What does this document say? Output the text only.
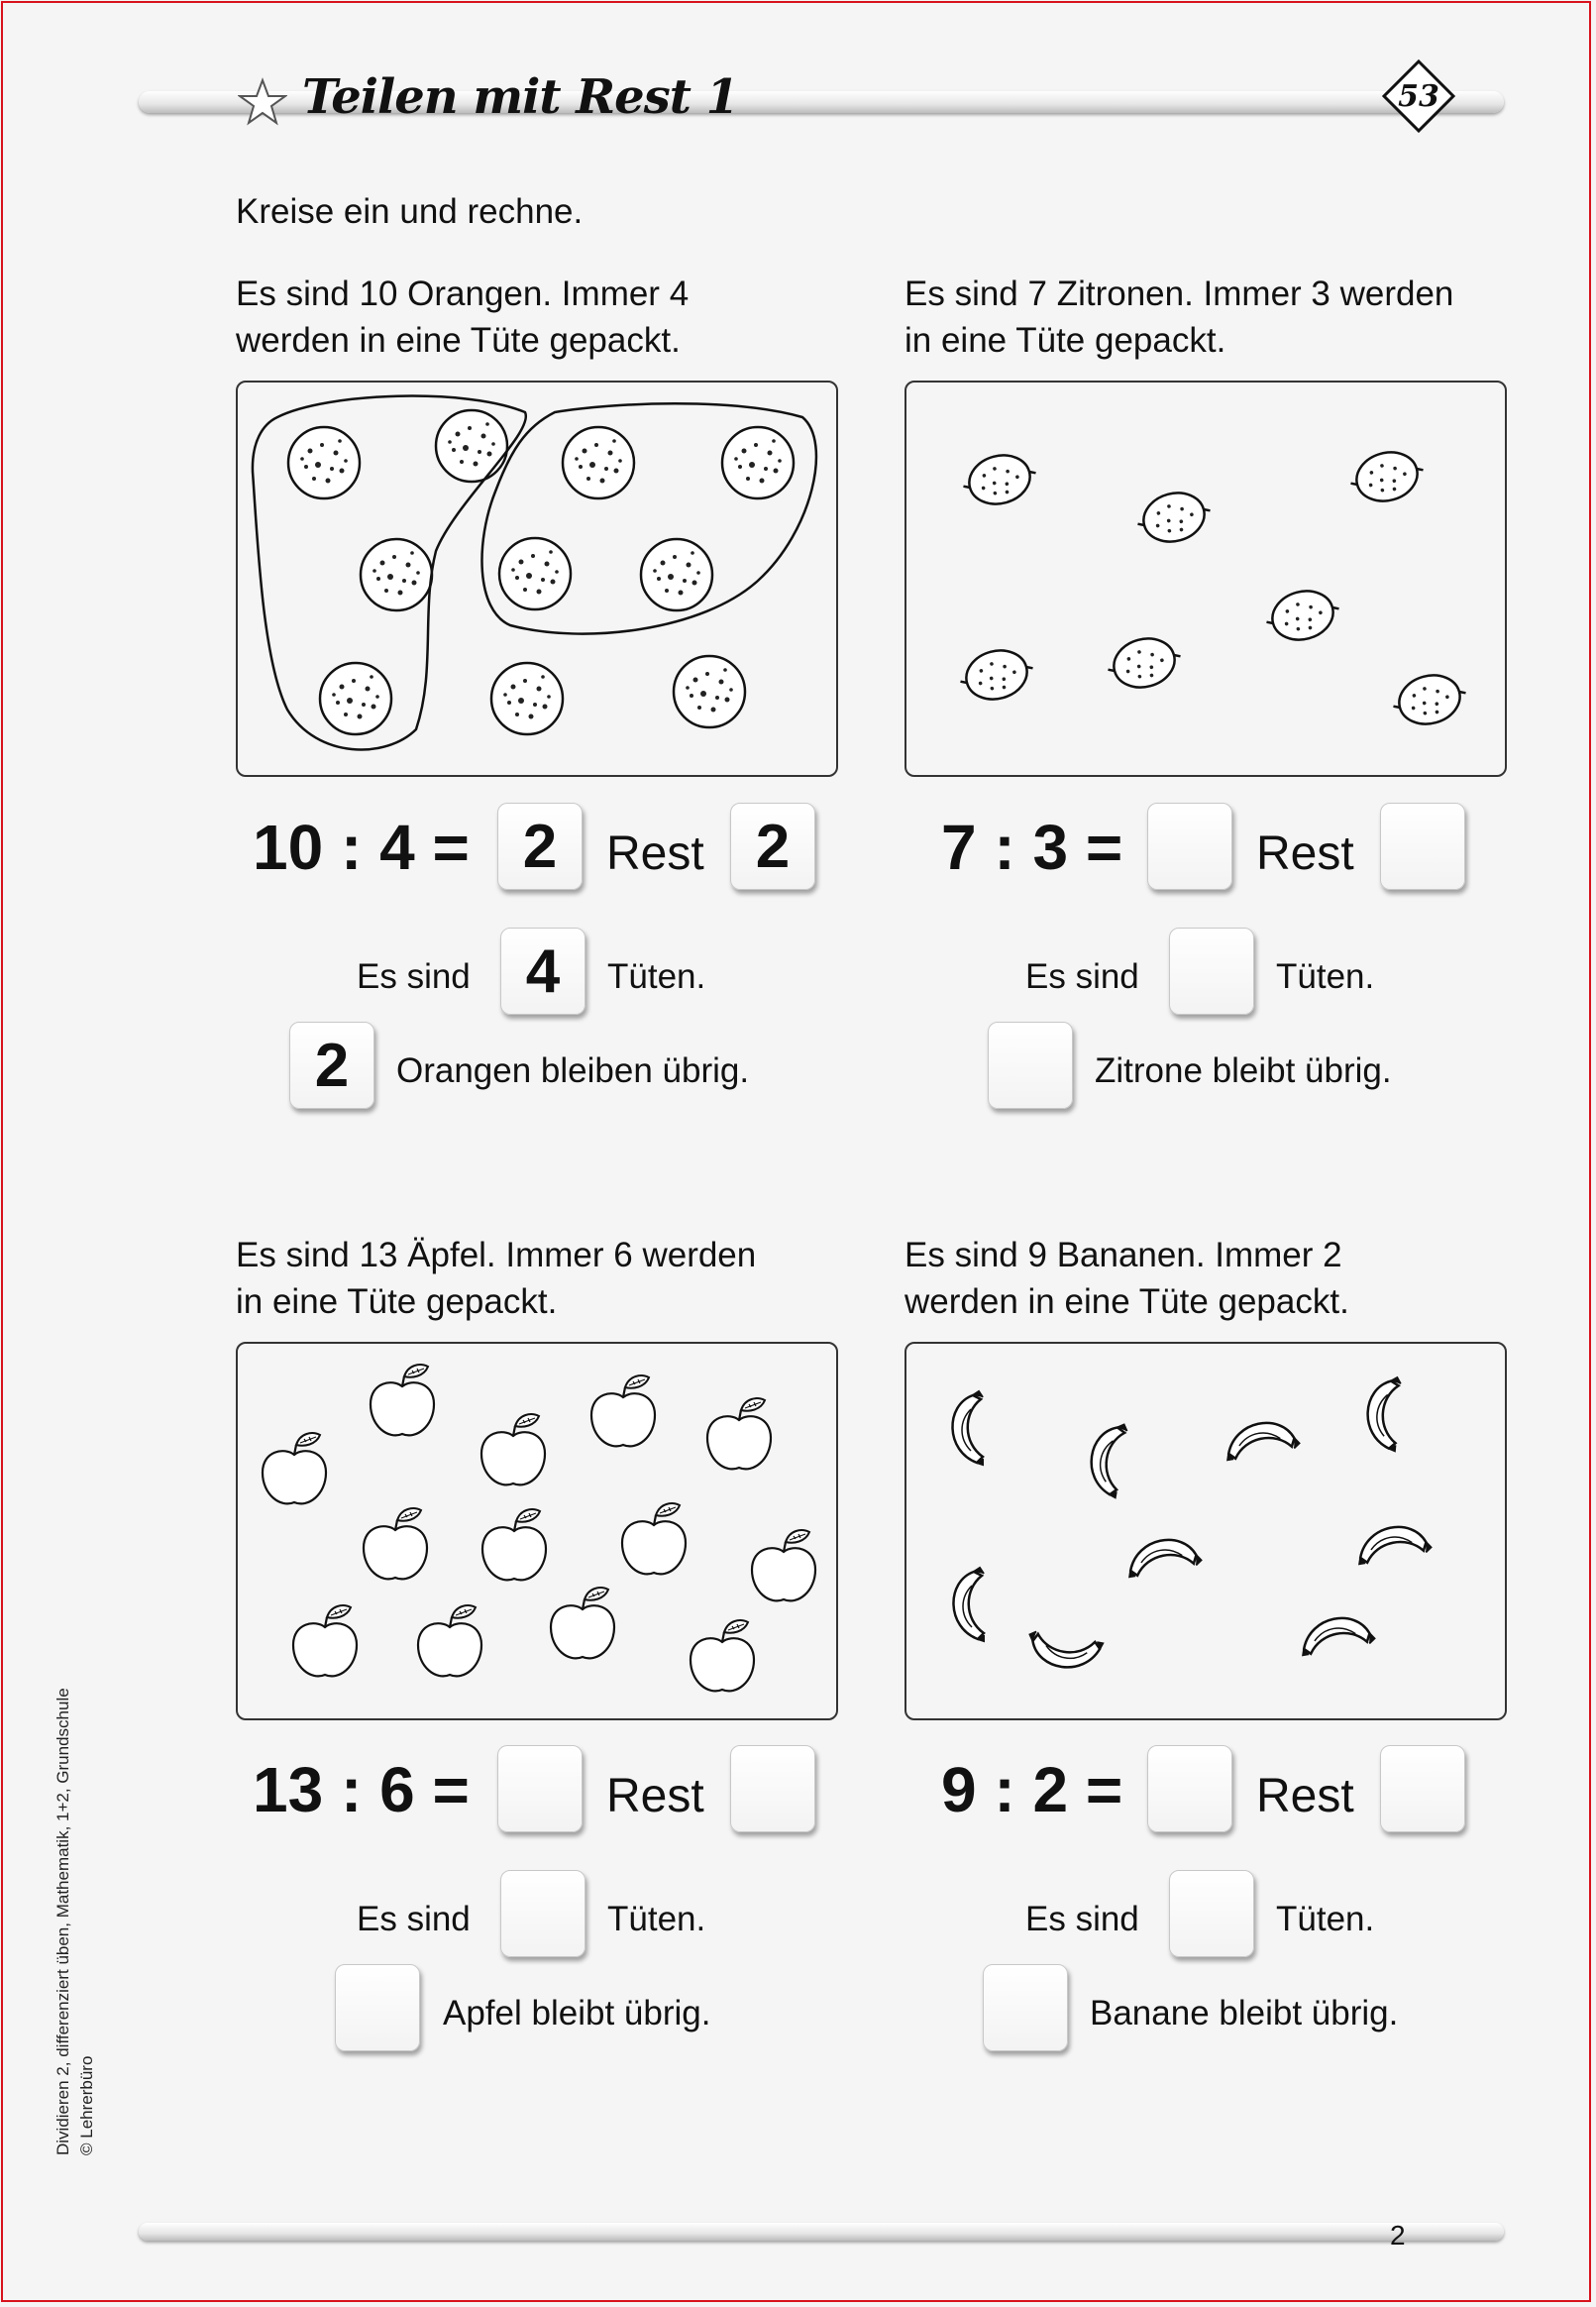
Teilen mit Rest 1	53
Kreise ein und rechne.
Es sind 10 Orangen. Immer 4
werden in eine Tüte gepackt.
10 : 4 = 2	Rest 2
Es sind 4	Tüten.
2	Orangen bleiben übrig.
Es sind 7 Zitronen. Immer 3 werden
in eine Tüte gepackt.
7 : 3 =	Rest
Es sind	Tüten.
Zitrone bleibt übrig.
Es sind 13 Äpfel. Immer 6 werden
in eine Tüte gepackt.
13 : 6 =	Rest
Es sind	Tüten.
Apfel bleibt übrig.
Es sind 9 Bananen. Immer 2
werden in eine Tüte gepackt.
9 : 2 =	Rest
Es sind	Tüten.
Banane bleibt übrig.
Dividieren 2, differenziert üben, Mathematik, 1+2, Grundschule © Lehrerbüro
2
